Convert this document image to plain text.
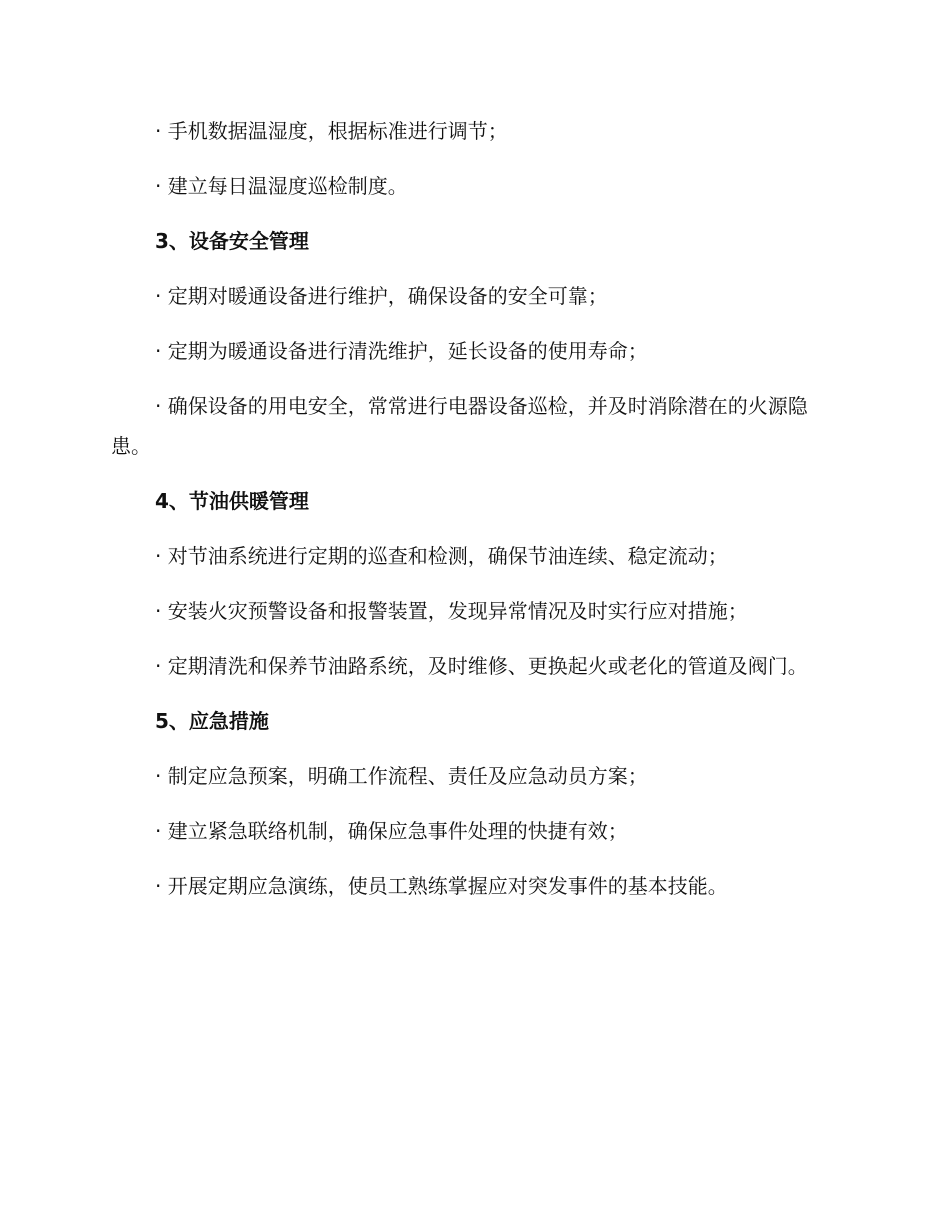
· 手机数据温湿度，根据标准进行调节；

· 建立每日温湿度巡检制度。

3、设备安全管理

· 定期对暖通设备进行维护，确保设备的安全可靠；

· 定期为暖通设备进行清洗维护，延长设备的使用寿命；

· 确保设备的用电安全，常常进行电器设备巡检，并及时消除潜在的火源隐患。

4、节油供暖管理

· 对节油系统进行定期的巡查和检测，确保节油连续、稳定流动；

· 安装火灾预警设备和报警装置，发现异常情况及时实行应对措施；

· 定期清洗和保养节油路系统，及时维修、更换起火或老化的管道及阀门。

5、应急措施

· 制定应急预案，明确工作流程、责任及应急动员方案；

· 建立紧急联络机制，确保应急事件处理的快捷有效；

· 开展定期应急演练，使员工熟练掌握应对突发事件的基本技能。
